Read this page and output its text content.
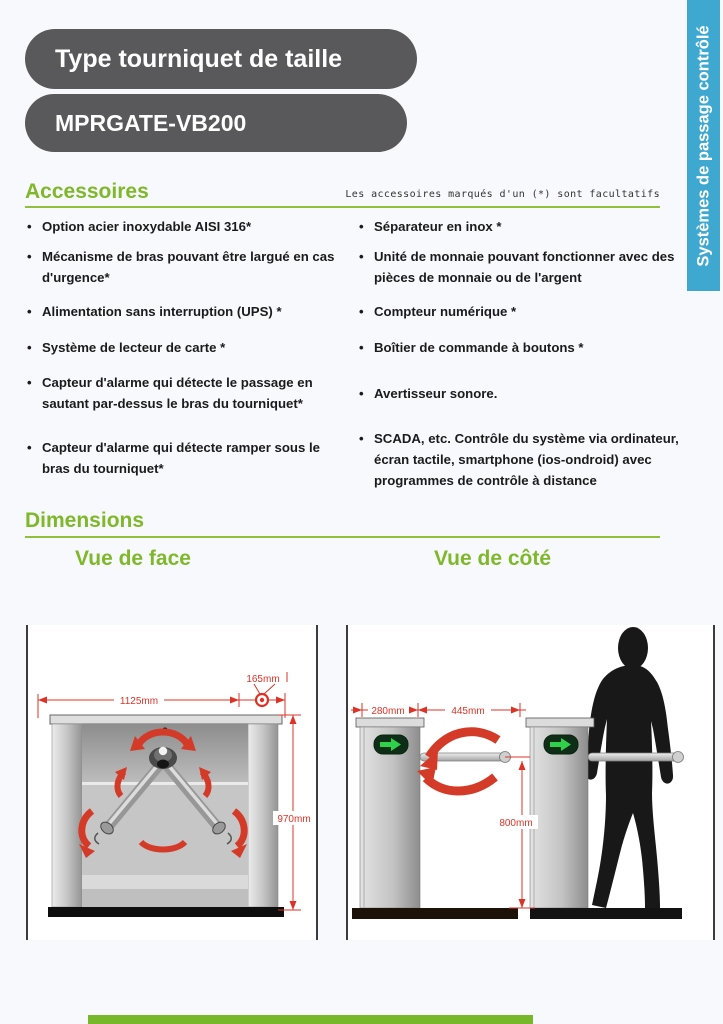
Type tourniquet de taille
MPRGATE-VB200	Systèmes de passage contrôlé
Accessoires	Les accessoires marqués d'un (*) sont facultatifs
• Option acier inoxydable AISI 316*
• Mécanisme de bras pouvant être largué en cas d'urgence*
• Alimentation sans interruption (UPS) *
• Système de lecteur de carte *
• Capteur d'alarme qui détecte le passage en sautant par-dessus le bras du tourniquet*
• Capteur d'alarme qui détecte ramper sous le bras du tourniquet*
• Séparateur en inox *
• Unité de monnaie pouvant fonctionner avec des pièces de monnaie ou de l'argent
• Compteur numérique *
• Boîtier de commande à boutons *
• Avertisseur sonore.
• SCADA, etc. Contrôle du système via ordinateur, écran tactile, smartphone (ios-ondroid) avec programmes de contrôle à distance
Dimensions
Vue de face	Vue de côté
1125mm
165mm
970mm
280mm	445mm
800mm
